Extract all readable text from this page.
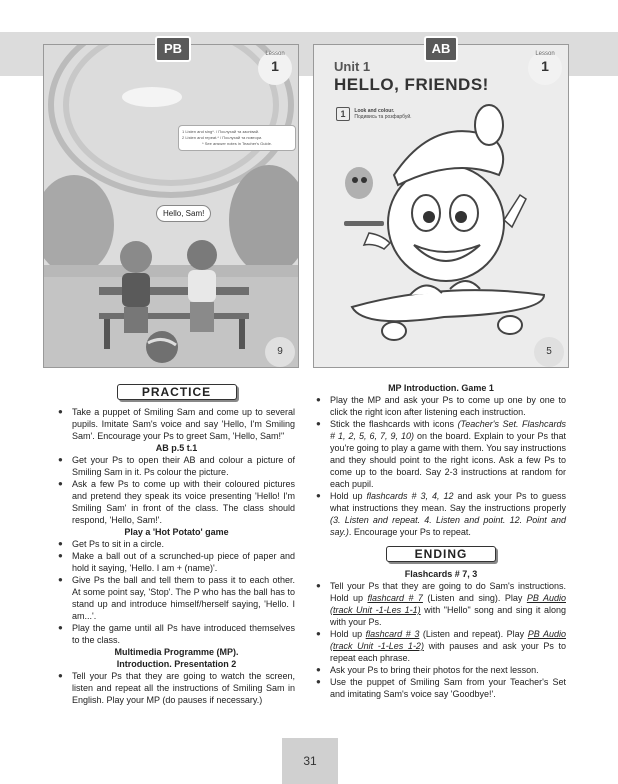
Lesson
1
1 Listen and sing*. / Послухай та заспівай.
2 Listen and repeat.* / Послухай та повтори.
* See answer notes in Teacher's Guide.
Hello, Sam!
9
PB	Lesson
1
Unit 1
HELLO, FRIENDS!
1 Look and colour.
Подивись та розфарбуй.
5
AB
PRACTICE
● Take a puppet of Smiling Sam and come up to several pupils. Imitate Sam's voice and say 'Hello, I'm Smiling Sam'. Encourage your Ps to greet Sam, 'Hello, Sam!"

AB p.5 t.1

● Get your Ps to open their AB and colour a picture of Smiling Sam in it. Ps colour the picture.
● Ask a few Ps to come up with their coloured pictures and pretend they speak its voice presenting 'Hello! I'm Smiling Sam' in front of the class. The class should respond, 'Hello, Sam!'.

Play a 'Hot Potato' game

● Get Ps to sit in a circle.
● Make a ball out of a scrunched-up piece of paper and hold it saying, 'Hello. I am + (name)'.
● Give Ps the ball and tell them to pass it to each other. At some point say, 'Stop'. The P who has the ball has to stand up and introduce himself/herself saying, 'Hello. I am...'.
● Play the game until all Ps have introduced themselves to the class.

Multimedia Programme (MP).

Introduction. Presentation 2

● Tell your Ps that they are going to watch the screen, listen and repeat all the instructions of Smiling Sam in English. Play your MP (do pauses if necessary.)

MP Introduction. Game 1

● Play the MP and ask your Ps to come up one by one to click the right icon after listening each instruction.
● Stick the flashcards with icons (Teacher's Set. Flashcards # 1, 2, 5, 6, 7, 9, 10) on the board. Explain to your Ps that you're going to play a game with them. You say instructions and they should point to the right icons. Ask a few Ps to come up to the board. Say 2-3 instructions at random for each pupil.
● Hold up flashcards # 3, 4, 12 and ask your Ps to guess what instructions they mean. Say the instructions properly (3. Listen and repeat. 4. Listen and point. 12. Point and say.). Encourage your Ps to repeat.
ENDING

Flashcards # 7, 3

● Tell your Ps that they are going to do Sam's instructions. Hold up flashcard # 7 (Listen and sing). Play PB Audio (track Unit -1-Les 1-1) with "Hello" song and sing it along with your Ps.
● Hold up flashcard # 3 (Listen and repeat). Play PB Audio (track Unit -1-Les 1-2) with pauses and ask your Ps to repeat each phrase.
● Ask your Ps to bring their photos for the next lesson.
● Use the puppet of Smiling Sam from your Teacher's Set and imitating Sam's voice say 'Goodbye!'.
31
